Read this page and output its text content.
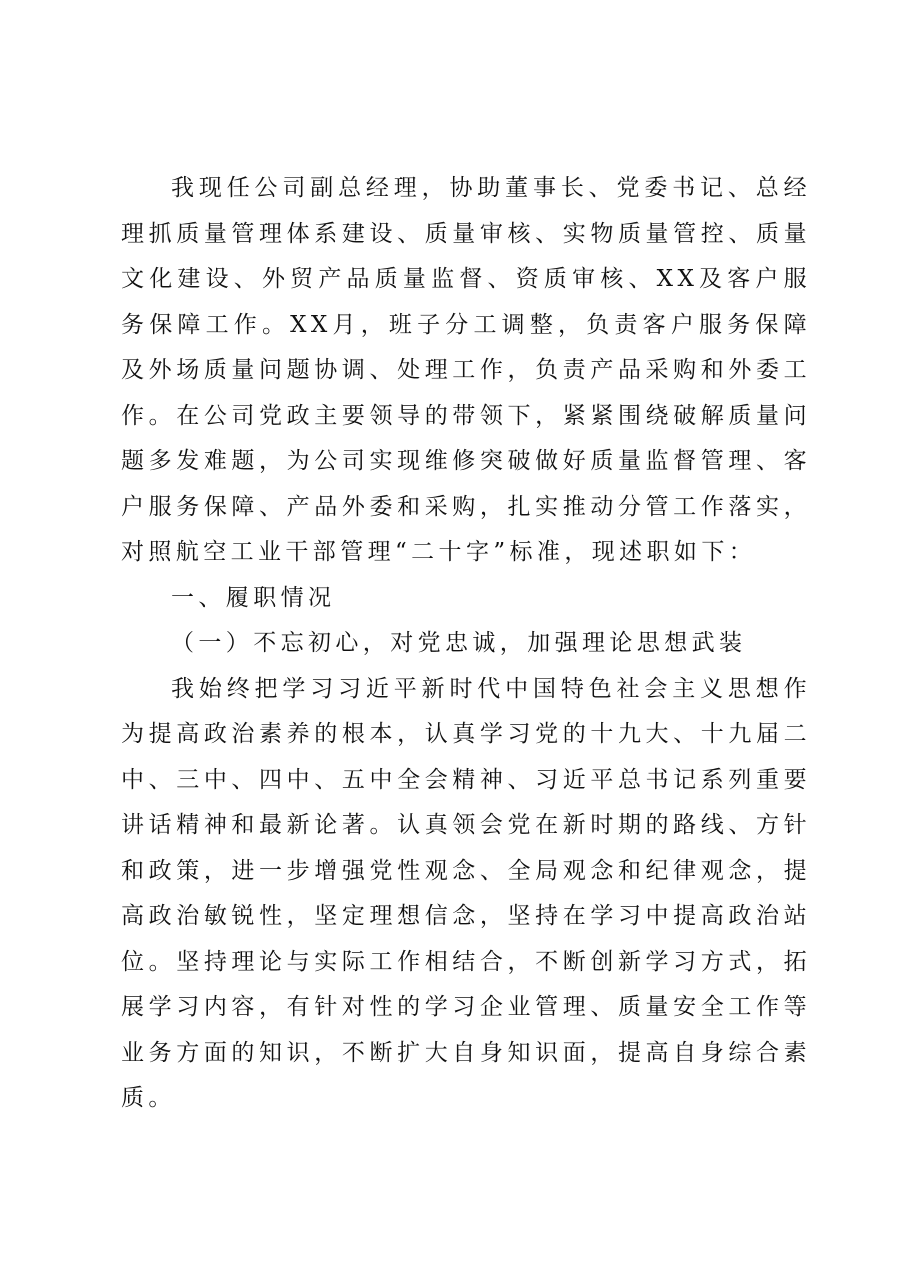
我现任公司副总经理，协助董事长、党委书记、总经理抓质量管理体系建设、质量审核、实物质量管控、质量文化建设、外贸产品质量监督、资质审核、XX及客户服务保障工作。XX月，班子分工调整，负责客户服务保障及外场质量问题协调、处理工作，负责产品采购和外委工作。在公司党政主要领导的带领下，紧紧围绕破解质量问题多发难题，为公司实现维修突破做好质量监督管理、客户服务保障、产品外委和采购，扎实推动分管工作落实，对照航空工业干部管理“二十字”标准，现述职如下：

一、履职情况

（一）不忘初心，对党忠诚，加强理论思想武装

我始终把学习习近平新时代中国特色社会主义思想作为提高政治素养的根本，认真学习党的十九大、十九届二中、三中、四中、五中全会精神、习近平总书记系列重要讲话精神和最新论著。认真领会党在新时期的路线、方针和政策，进一步增强党性观念、全局观念和纪律观念，提高政治敏锐性，坚定理想信念，坚持在学习中提高政治站位。坚持理论与实际工作相结合，不断创新学习方式，拓展学习内容，有针对性的学习企业管理、质量安全工作等业务方面的知识，不断扩大自身知识面，提高自身综合素质。
